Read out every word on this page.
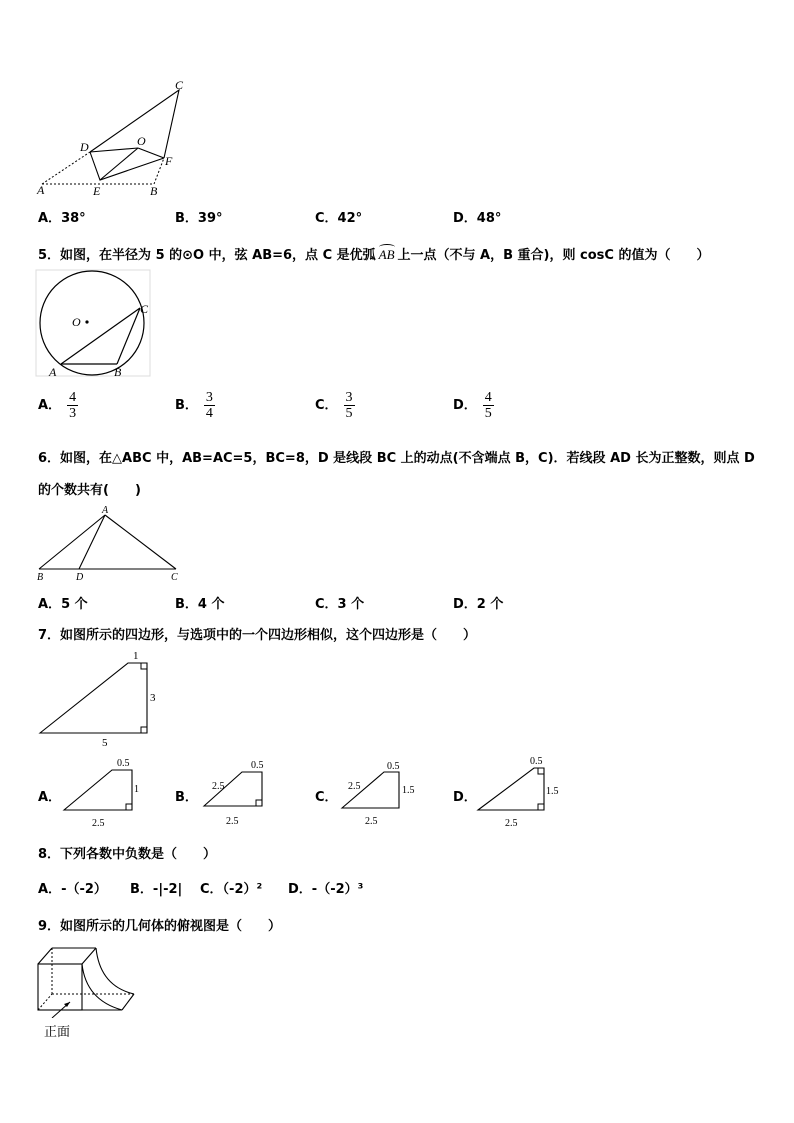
C
O
D
F
A	E	B
A．38°	B．39°	C．42°	D．48°
5．如图，在半径为 5 的⊙O 中，弦 AB=6，点 C 是优弧 AB 上一点（不与 A，B 重合)，则 cosC 的值为（　　）
O
C
A	B
A． $\frac{4}{3}$	B． $\frac{3}{4}$	C． $\frac{3}{5}$	D． $\frac{4}{5}$
6．如图，在△ABC 中，AB=AC=5，BC=8，D 是线段 BC 上的动点(不含端点 B，C)．若线段 AD 长为正整数，则点 D
的个数共有(　　)
A
B	D	C
A．5 个	B．4 个	C．3 个	D．2 个
7．如图所示的四边形，与选项中的一个四边形相似，这个四边形是（　　）
1
3
5
A．
0.5
1
2.5
B．
0.5
2.5
2.5
C．
0.5
2.5	1.5
2.5
D．
0.5
1.5
2.5
8．下列各数中负数是（　　）
A．-（-2） B．-|-2| C．（-2）² D．-（-2）³
9．如图所示的几何体的俯视图是（　　）
正面
